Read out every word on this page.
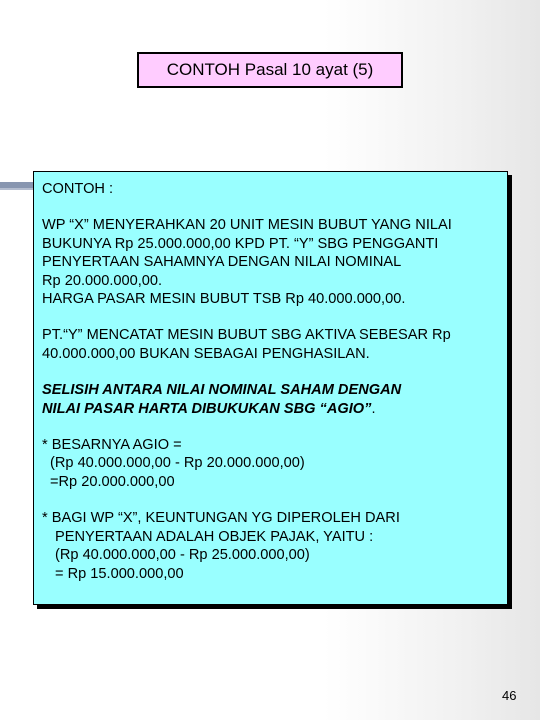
CONTOH Pasal 10 ayat (5)

CONTOH :

WP “X” MENYERAHKAN 20 UNIT MESIN BUBUT YANG NILAI

BUKUNYA Rp 25.000.000,00 KPD PT. “Y” SBG PENGGANTI

PENYERTAAN SAHAMNYA DENGAN NILAI NOMINAL

Rp 20.000.000,00.

HARGA PASAR MESIN BUBUT TSB Rp 40.000.000,00.

PT.“Y” MENCATAT MESIN BUBUT SBG AKTIVA SEBESAR Rp

40.000.000,00 BUKAN SEBAGAI PENGHASILAN.

SELISIH ANTARA NILAI NOMINAL SAHAM DENGAN

NILAI PASAR HARTA DIBUKUKAN SBG “AGIO”.

* BESARNYA AGIO =

(Rp 40.000.000,00 - Rp 20.000.000,00)

=Rp 20.000.000,00

* BAGI WP “X”, KEUNTUNGAN YG DIPEROLEH DARI

PENYERTAAN ADALAH OBJEK PAJAK, YAITU :

(Rp 40.000.000,00 - Rp 25.000.000,00)

= Rp 15.000.000,00

46
